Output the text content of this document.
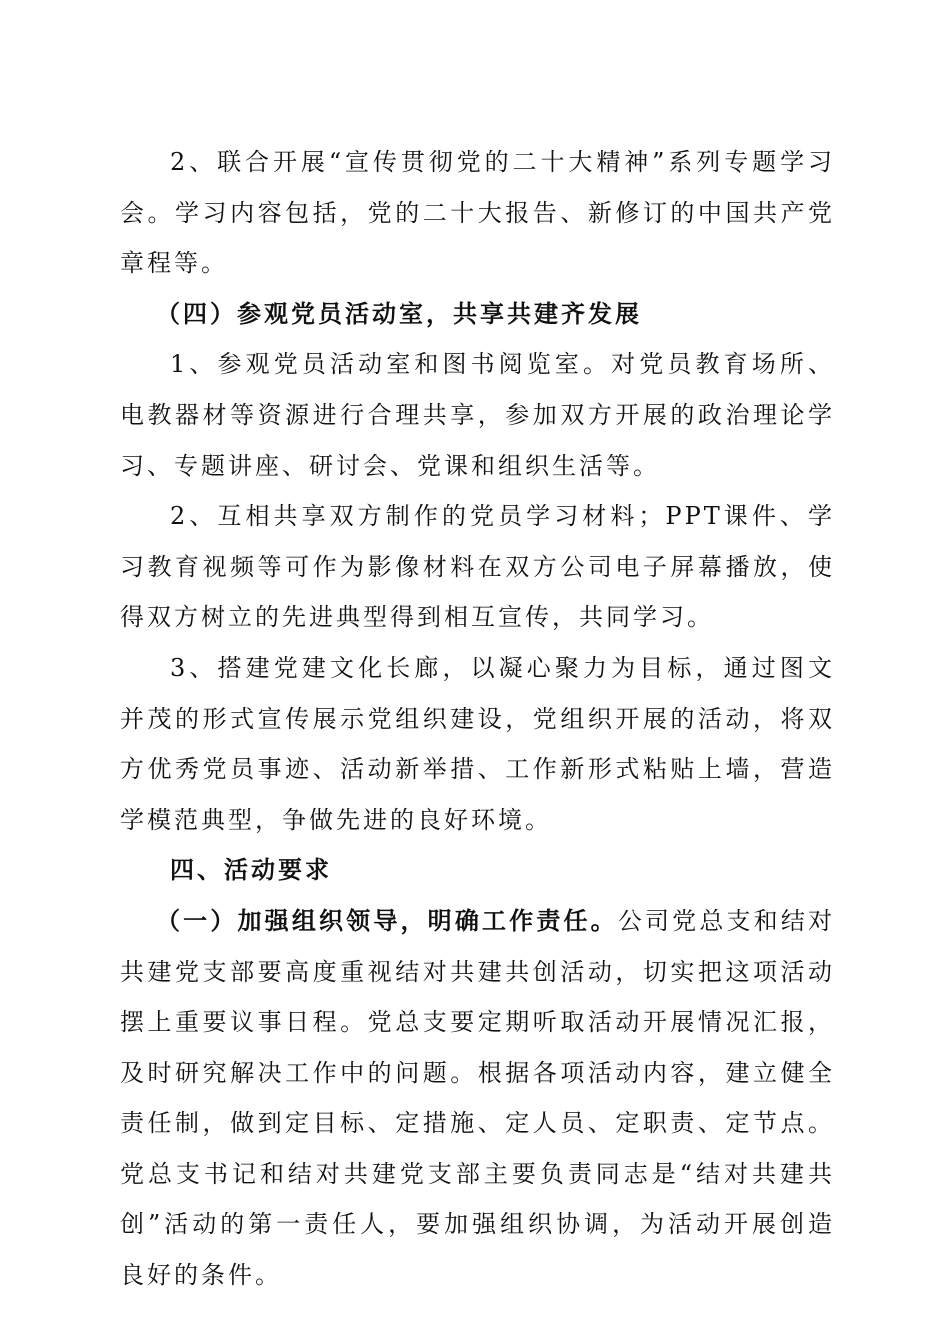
2、联合开展“宣传贯彻党的二十大精神”系列专题学习会。学习内容包括，党的二十大报告、新修订的中国共产党章程等。

（四）参观党员活动室，共享共建齐发展

1、参观党员活动室和图书阅览室。对党员教育场所、电教器材等资源进行合理共享，参加双方开展的政治理论学习、专题讲座、研讨会、党课和组织生活等。

2、互相共享双方制作的党员学习材料；PPT课件、学习教育视频等可作为影像材料在双方公司电子屏幕播放，使得双方树立的先进典型得到相互宣传，共同学习。

3、搭建党建文化长廊，以凝心聚力为目标，通过图文并茂的形式宣传展示党组织建设，党组织开展的活动，将双方优秀党员事迹、活动新举措、工作新形式粘贴上墙，营造学模范典型，争做先进的良好环境。

四、活动要求

（一）加强组织领导，明确工作责任。公司党总支和结对共建党支部要高度重视结对共建共创活动，切实把这项活动摆上重要议事日程。党总支要定期听取活动开展情况汇报，及时研究解决工作中的问题。根据各项活动内容，建立健全责任制，做到定目标、定措施、定人员、定职责、定节点。党总支书记和结对共建党支部主要负责同志是“结对共建共创”活动的第一责任人，要加强组织协调，为活动开展创造良好的条件。
